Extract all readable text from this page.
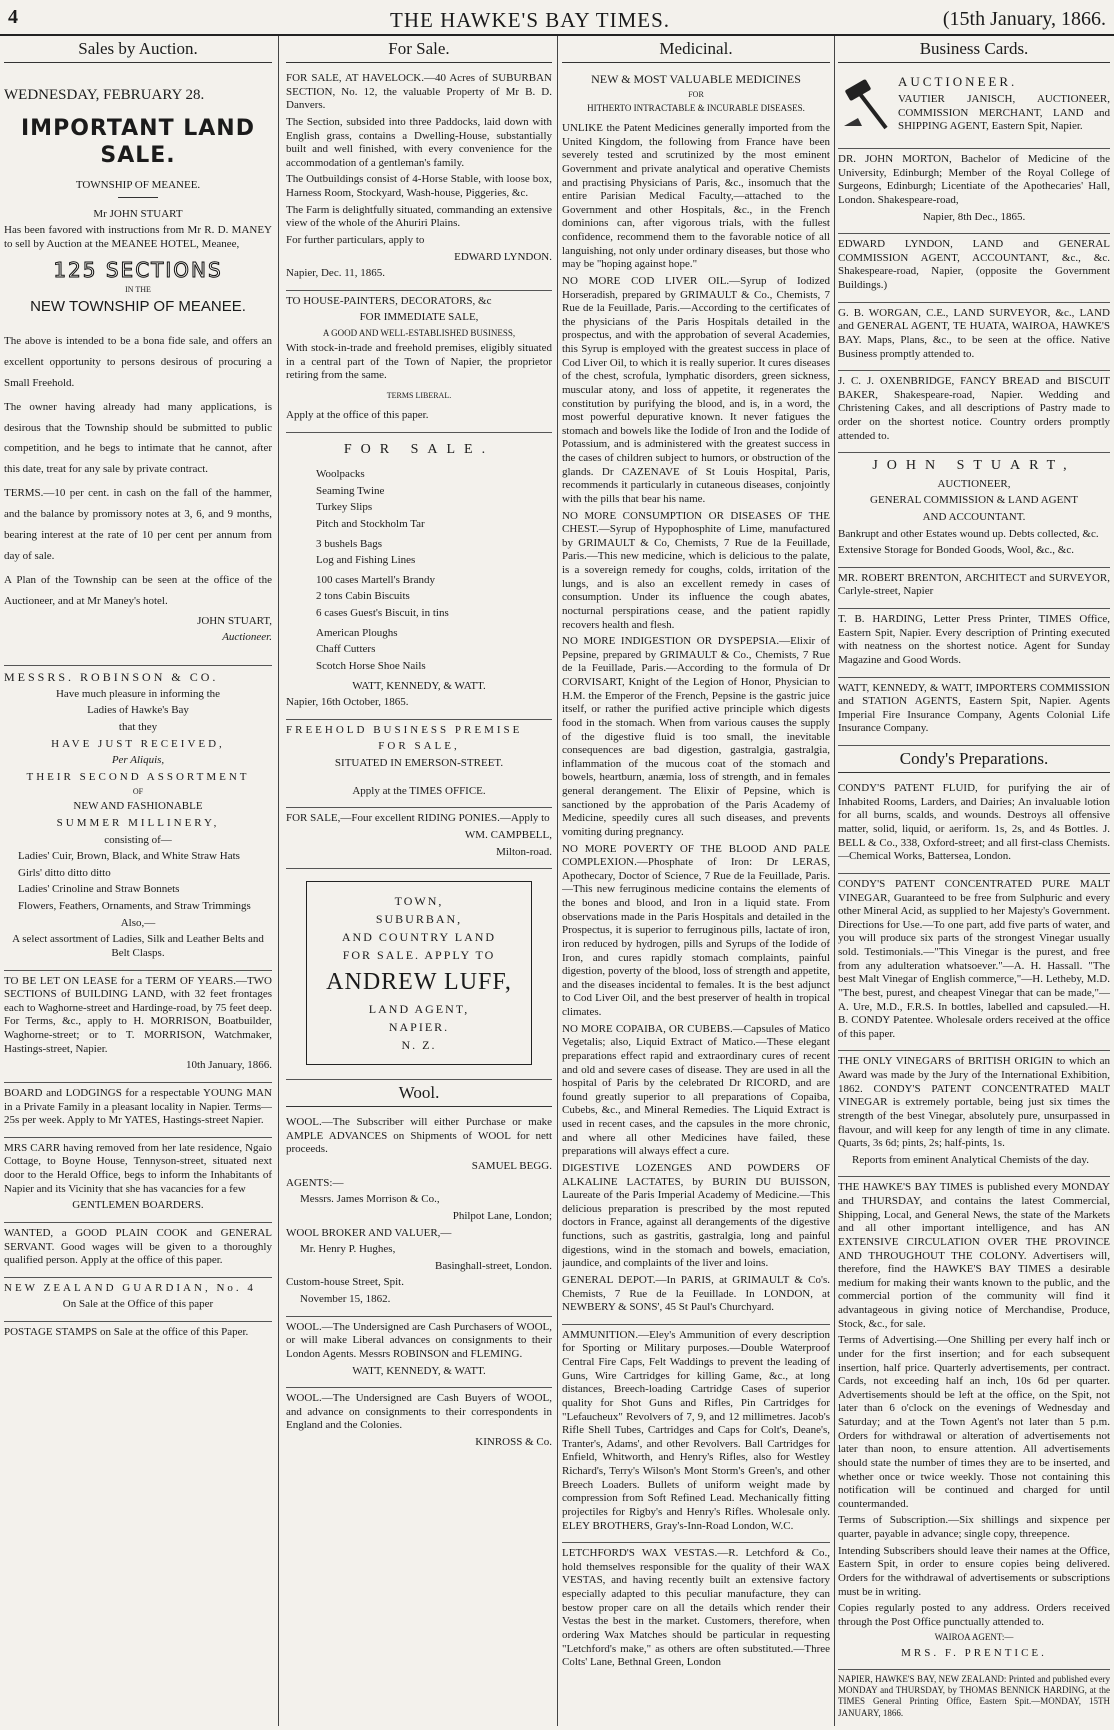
4	THE HAWKE'S BAY TIMES.	(15th January, 1866.
Sales by Auction.

WEDNESDAY, FEBRUARY 28.

IMPORTANT LAND SALE.

TOWNSHIP OF MEANEE.

Mr JOHN STUART

Has been favored with instructions from Mr R. D. MANEY to sell by Auction at the MEANEE HOTEL, Meanee,

125 SECTIONS

IN THE

NEW TOWNSHIP OF MEANEE.

The above is intended to be a bona fide sale, and offers an excellent opportunity to persons desirous of procuring a Small Freehold.

The owner having already had many applications, is desirous that the Township should be submitted to public competition, and he begs to intimate that he cannot, after this date, treat for any sale by private contract.

TERMS.—10 per cent. in cash on the fall of the hammer, and the balance by promissory notes at 3, 6, and 9 months, bearing interest at the rate of 10 per cent per annum from day of sale.

A Plan of the Township can be seen at the office of the Auctioneer, and at Mr Maney's hotel.

JOHN STUART,

Auctioneer.

MESSRS. ROBINSON & CO.

Have much pleasure in informing the

Ladies of Hawke's Bay

that they

HAVE JUST RECEIVED,

Per Aliquis,

THEIR SECOND ASSORTMENT

OF

NEW AND FASHIONABLE

SUMMER MILLINERY,

consisting of—

Ladies' Cuir, Brown, Black, and White Straw Hats

Girls' ditto ditto ditto

Ladies' Crinoline and Straw Bonnets

Flowers, Feathers, Ornaments, and Straw Trimmings

Also,—

A select assortment of Ladies, Silk and Leather Belts and Belt Clasps.

TO BE LET ON LEASE for a TERM OF YEARS.—TWO SECTIONS of BUILDING LAND, with 32 feet frontages each to Waghorne-street and Hardinge-road, by 75 feet deep. For Terms, &c., apply to H. MORRISON, Boatbuilder, Waghorne-street; or to T. MORRISON, Watchmaker, Hastings-street, Napier.

10th January, 1866.

BOARD and LODGINGS for a respectable YOUNG MAN in a Private Family in a pleasant locality in Napier. Terms—25s per week. Apply to Mr YATES, Hastings-street Napier.

MRS CARR having removed from her late residence, Ngaio Cottage, to Boyne House, Tennyson-street, situated next door to the Herald Office, begs to inform the Inhabitants of Napier and its Vicinity that she has vacancies for a few

GENTLEMEN BOARDERS.

WANTED, a GOOD PLAIN COOK and GENERAL SERVANT. Good wages will be given to a thoroughly qualified person. Apply at the office of this paper.

NEW ZEALAND GUARDIAN, No. 4

On Sale at the Office of this paper

POSTAGE STAMPS on Sale at the office of this Paper.

For Sale.

FOR SALE, AT HAVELOCK.—40 Acres of SUBURBAN SECTION, No. 12, the valuable Property of Mr B. D. Danvers.

The Section, subsided into three Paddocks, laid down with English grass, contains a Dwelling-House, substantially built and well finished, with every convenience for the accommodation of a gentleman's family.

The Outbuildings consist of 4-Horse Stable, with loose box, Harness Room, Stockyard, Wash-house, Piggeries, &c.

The Farm is delightfully situated, commanding an extensive view of the whole of the Ahuriri Plains.

For further particulars, apply to

EDWARD LYNDON.

Napier, Dec. 11, 1865.

TO HOUSE-PAINTERS, DECORATORS, &c

FOR IMMEDIATE SALE,

A GOOD AND WELL-ESTABLISHED BUSINESS,

With stock-in-trade and freehold premises, eligibly situated in a central part of the Town of Napier, the proprietor retiring from the same.

TERMS LIBERAL.

Apply at the office of this paper.

FOR SALE.

Woolpacks

Seaming Twine

Turkey Slips

Pitch and Stockholm Tar

3 bushels Bags

Log and Fishing Lines

100 cases Martell's Brandy

2 tons Cabin Biscuits

6 cases Guest's Biscuit, in tins

American Ploughs

Chaff Cutters

Scotch Horse Shoe Nails

WATT, KENNEDY, & WATT.

Napier, 16th October, 1865.

FREEHOLD BUSINESS PREMISE

FOR SALE,

SITUATED IN EMERSON-STREET.

Apply at the TIMES OFFICE.

FOR SALE,—Four excellent RIDING PONIES.—Apply to

WM. CAMPBELL,

Milton-road.

TOWN,
SUBURBAN,
AND COUNTRY LAND
FOR SALE. APPLY TO
ANDREW LUFF,
LAND AGENT,
NAPIER.
N. Z.
Wool.

WOOL.—The Subscriber will either Purchase or make AMPLE ADVANCES on Shipments of WOOL for nett proceeds.

SAMUEL BEGG.

AGENTS:—

Messrs. James Morrison & Co.,

Philpot Lane, London;

WOOL BROKER AND VALUER,—

Mr. Henry P. Hughes,

Basinghall-street, London.

Custom-house Street, Spit.

November 15, 1862.

WOOL.—The Undersigned are Cash Purchasers of WOOL, or will make Liberal advances on consignments to their London Agents. Messrs ROBINSON and FLEMING.

WATT, KENNEDY, & WATT.

WOOL.—The Undersigned are Cash Buyers of WOOL, and advance on consignments to their correspondents in England and the Colonies.

KINROSS & Co.

Medicinal.

NEW & MOST VALUABLE MEDICINES

FOR

HITHERTO INTRACTABLE & INCURABLE DISEASES.

UNLIKE the Patent Medicines generally imported from the United Kingdom, the following from France have been severely tested and scrutinized by the most eminent Government and private analytical and operative Chemists and practising Physicians of Paris, &c., insomuch that the entire Parisian Medical Faculty,—attached to the Government and other Hospitals, &c., in the French dominions can, after vigorous trials, with the fullest confidence, recommend them to the favorable notice of all languishing, not only under ordinary diseases, but those who may be "hoping against hope."

NO MORE COD LIVER OIL.—Syrup of Iodized Horseradish, prepared by GRIMAULT & Co., Chemists, 7 Rue de la Feuillade, Paris.—According to the certificates of the physicians of the Paris Hospitals detailed in the prospectus, and with the approbation of several Academies, this Syrup is employed with the greatest success in place of Cod Liver Oil, to which it is really superior. It cures diseases of the chest, scrofula, lymphatic disorders, green sickness, muscular atony, and loss of appetite, it regenerates the constitution by purifying the blood, and is, in a word, the most powerful depurative known. It never fatigues the stomach and bowels like the Iodide of Iron and the Iodide of Potassium, and is administered with the greatest success in the cases of children subject to humors, or obstruction of the glands. Dr CAZENAVE of St Louis Hospital, Paris, recommends it particularly in cutaneous diseases, conjointly with the pills that bear his name.

NO MORE CONSUMPTION OR DISEASES OF THE CHEST.—Syrup of Hypophosphite of Lime, manufactured by GRIMAULT & Co, Chemists, 7 Rue de la Feuillade, Paris.—This new medicine, which is delicious to the palate, is a sovereign remedy for coughs, colds, irritation of the lungs, and is also an excellent remedy in cases of consumption. Under its influence the cough abates, nocturnal perspirations cease, and the patient rapidly recovers health and flesh.

NO MORE INDIGESTION OR DYSPEPSIA.—Elixir of Pepsine, prepared by GRIMAULT & Co., Chemists, 7 Rue de la Feuillade, Paris.—According to the formula of Dr CORVISART, Knight of the Legion of Honor, Physician to H.M. the Emperor of the French, Pepsine is the gastric juice itself, or rather the purified active principle which digests food in the stomach. When from various causes the supply of the digestive fluid is too small, the inevitable consequences are bad digestion, gastralgia, gastralgia, inflammation of the mucous coat of the stomach and bowels, heartburn, anæmia, loss of strength, and in females general derangement. The Elixir of Pepsine, which is sanctioned by the approbation of the Paris Academy of Medicine, speedily cures all such diseases, and prevents vomiting during pregnancy.

NO MORE POVERTY OF THE BLOOD AND PALE COMPLEXION.—Phosphate of Iron: Dr LERAS, Apothecary, Doctor of Science, 7 Rue de la Feuillade, Paris.—This new ferruginous medicine contains the elements of the bones and blood, and Iron in a liquid state. From observations made in the Paris Hospitals and detailed in the Prospectus, it is superior to ferruginous pills, lactate of iron, iron reduced by hydrogen, pills and Syrups of the Iodide of Iron, and cures rapidly stomach complaints, painful digestion, poverty of the blood, loss of strength and appetite, and the diseases incidental to females. It is the best adjunct to Cod Liver Oil, and the best preserver of health in tropical climates.

NO MORE COPAIBA, OR CUBEBS.—Capsules of Matico Vegetalis; also, Liquid Extract of Matico.—These elegant preparations effect rapid and extraordinary cures of recent and old and severe cases of disease. They are used in all the hospital of Paris by the celebrated Dr RICORD, and are found greatly superior to all preparations of Copaiba, Cubebs, &c., and Mineral Remedies. The Liquid Extract is used in recent cases, and the capsules in the more chronic, and where all other Medicines have failed, these preparations will always effect a cure.

DIGESTIVE LOZENGES AND POWDERS OF ALKALINE LACTATES, by BURIN DU BUISSON, Laureate of the Paris Imperial Academy of Medicine.—This delicious preparation is prescribed by the most reputed doctors in France, against all derangements of the digestive functions, such as gastritis, gastralgia, long and painful digestions, wind in the stomach and bowels, emaciation, jaundice, and complaints of the liver and loins.

GENERAL DEPOT.—In PARIS, at GRIMAULT & Co's. Chemists, 7 Rue de la Feuillade. In LONDON, at NEWBERY & SONS', 45 St Paul's Churchyard.

AMMUNITION.—Eley's Ammunition of every description for Sporting or Military purposes.—Double Waterproof Central Fire Caps, Felt Waddings to prevent the leading of Guns, Wire Cartridges for killing Game, &c., at long distances, Breech-loading Cartridge Cases of superior quality for Shot Guns and Rifles, Pin Cartridges for "Lefaucheux" Revolvers of 7, 9, and 12 millimetres. Jacob's Rifle Shell Tubes, Cartridges and Caps for Colt's, Deane's, Tranter's, Adams', and other Revolvers. Ball Cartridges for Enfield, Whitworth, and Henry's Rifles, also for Westley Richard's, Terry's Wilson's Mont Storm's Green's, and other Breech Loaders. Bullets of uniform weight made by compression from Soft Refined Lead. Mechanically fitting projectiles for Rigby's and Henry's Rifles. Wholesale only. ELEY BROTHERS, Gray's-Inn-Road London, W.C.

LETCHFORD'S WAX VESTAS.—R. Letchford & Co., hold themselves responsible for the quality of their WAX VESTAS, and having recently built an extensive factory especially adapted to this peculiar manufacture, they can bestow proper care on all the details which render their Vestas the best in the market. Customers, therefore, when ordering Wax Matches should be particular in requesting "Letchford's make," as others are often substituted.—Three Colts' Lane, Bethnal Green, London

Business Cards.

AUCTIONEER.

VAUTIER JANISCH, AUCTIONEER, COMMISSION MERCHANT, LAND and SHIPPING AGENT, Eastern Spit, Napier.

DR. JOHN MORTON, Bachelor of Medicine of the University, Edinburgh; Member of the Royal College of Surgeons, Edinburgh; Licentiate of the Apothecaries' Hall, London. Shakespeare-road,

Napier, 8th Dec., 1865.

EDWARD LYNDON, LAND and GENERAL COMMISSION AGENT, ACCOUNTANT, &c., &c. Shakespeare-road, Napier, (opposite the Government Buildings.)

G. B. WORGAN, C.E., LAND SURVEYOR, &c., LAND and GENERAL AGENT, TE HUATA, WAIROA, HAWKE'S BAY. Maps, Plans, &c., to be seen at the office. Native Business promptly attended to.

J. C. J. OXENBRIDGE, FANCY BREAD and BISCUIT BAKER, Shakespeare-road, Napier. Wedding and Christening Cakes, and all descriptions of Pastry made to order on the shortest notice. Country orders promptly attended to.

JOHN STUART,

AUCTIONEER,

GENERAL COMMISSION & LAND AGENT

AND ACCOUNTANT.

Bankrupt and other Estates wound up. Debts collected, &c.

Extensive Storage for Bonded Goods, Wool, &c., &c.

MR. ROBERT BRENTON, ARCHITECT and SURVEYOR, Carlyle-street, Napier

T. B. HARDING, Letter Press Printer, TIMES Office, Eastern Spit, Napier. Every description of Printing executed with neatness on the shortest notice. Agent for Sunday Magazine and Good Words.

WATT, KENNEDY, & WATT, IMPORTERS COMMISSION and STATION AGENTS, Eastern Spit, Napier. Agents Imperial Fire Insurance Company, Agents Colonial Life Insurance Company.

Condy's Preparations.

CONDY'S PATENT FLUID, for purifying the air of Inhabited Rooms, Larders, and Dairies; An invaluable lotion for all burns, scalds, and wounds. Destroys all offensive matter, solid, liquid, or aeriform. 1s, 2s, and 4s Bottles. J. BELL & Co., 338, Oxford-street; and all first-class Chemists.—Chemical Works, Battersea, London.

CONDY'S PATENT CONCENTRATED PURE MALT VINEGAR, Guaranteed to be free from Sulphuric and every other Mineral Acid, as supplied to her Majesty's Government. Directions for Use.—To one part, add five parts of water, and you will produce six parts of the strongest Vinegar usually sold. Testimonials.—"This Vinegar is the purest, and free from any adulteration whatsoever."—A. H. Hassall. "The best Malt Vinegar of English commerce,"—H. Letheby, M.D. "The best, purest, and cheapest Vinegar that can be made,"—A. Ure, M.D., F.R.S. In bottles, labelled and capsuled.—H. B. CONDY Patentee. Wholesale orders received at the office of this paper.

THE ONLY VINEGARS of BRITISH ORIGIN to which an Award was made by the Jury of the International Exhibition, 1862. CONDY'S PATENT CONCENTRATED MALT VINEGAR is extremely portable, being just six times the strength of the best Vinegar, absolutely pure, unsurpassed in flavour, and will keep for any length of time in any climate. Quarts, 3s 6d; pints, 2s; half-pints, 1s.

Reports from eminent Analytical Chemists of the day.

THE HAWKE'S BAY TIMES is published every MONDAY and THURSDAY, and contains the latest Commercial, Shipping, Local, and General News, the state of the Markets and all other important intelligence, and has AN EXTENSIVE CIRCULATION OVER THE PROVINCE AND THROUGHOUT THE COLONY. Advertisers will, therefore, find the HAWKE'S BAY TIMES a desirable medium for making their wants known to the public, and the commercial portion of the community will find it advantageous in giving notice of Merchandise, Produce, Stock, &c., for sale.

Terms of Advertising.—One Shilling per every half inch or under for the first insertion; and for each subsequent insertion, half price. Quarterly advertisements, per contract. Cards, not exceeding half an inch, 10s 6d per quarter. Advertisements should be left at the office, on the Spit, not later than 6 o'clock on the evenings of Wednesday and Saturday; and at the Town Agent's not later than 5 p.m. Orders for withdrawal or alteration of advertisements not later than noon, to ensure attention. All advertisements should state the number of times they are to be inserted, and whether once or twice weekly. Those not containing this notification will be continued and charged for until countermanded.

Terms of Subscription.—Six shillings and sixpence per quarter, payable in advance; single copy, threepence.

Intending Subscribers should leave their names at the Office, Eastern Spit, in order to ensure copies being delivered. Orders for the withdrawal of advertisements or subscriptions must be in writing.

Copies regularly posted to any address. Orders received through the Post Office punctually attended to.

WAIROA AGENT:—

MRS. F. PRENTICE.

NAPIER, HAWKE'S BAY, NEW ZEALAND: Printed and published every MONDAY and THURSDAY, by THOMAS BENNICK HARDING, at the TIMES General Printing Office, Eastern Spit.—MONDAY, 15TH JANUARY, 1866.
